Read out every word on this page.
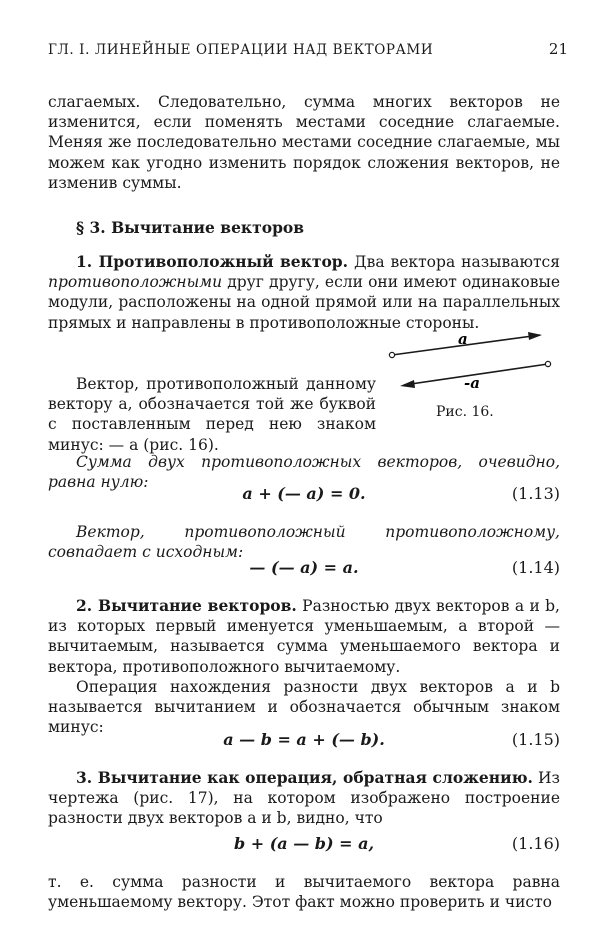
ГЛ. I. ЛИНЕЙНЫЕ ОПЕРАЦИИ НАД ВЕКТОРАМИ	21

слагаемых. Следовательно, сумма многих векторов не изменится, если поменять местами соседние слагаемые. Меняя же последовательно местами соседние слагаемые, мы можем как угодно изменить порядок сложения векторов, не изменив суммы.

§ 3. Вычитание векторов

1. Противоположный вектор. Два вектора называются противоположными друг другу, если они имеют одинаковые модули, расположены на одной прямой или на параллельных прямых и направлены в противоположные стороны.

Вектор, противоположный данному вектору a, обозначается той же буквой с поставленным перед нею знаком минус: — a (рис. 16).

a
-a
Рис. 16.

Сумма двух противоположных векторов, очевидно, равна нулю:

a + (— a) = 0.	(1.13)

Вектор, противоположный противоположному, совпадает с исходным:

— (— a) = a.	(1.14)

2. Вычитание векторов. Разностью двух векторов a и b, из которых первый именуется уменьшаемым, а второй — вычитаемым, называется сумма уменьшаемого вектора и вектора, противоположного вычитаемому.

Операция нахождения разности двух векторов a и b называется вычитанием и обозначается обычным знаком минус:

a — b = a + (— b).	(1.15)

3. Вычитание как операция, обратная сложению. Из чертежа (рис. 17), на котором изображено построение разности двух векторов a и b, видно, что

b + (a — b) = a,	(1.16)

т. е. сумма разности и вычитаемого вектора равна уменьшаемому вектору. Этот факт можно проверить и чисто
